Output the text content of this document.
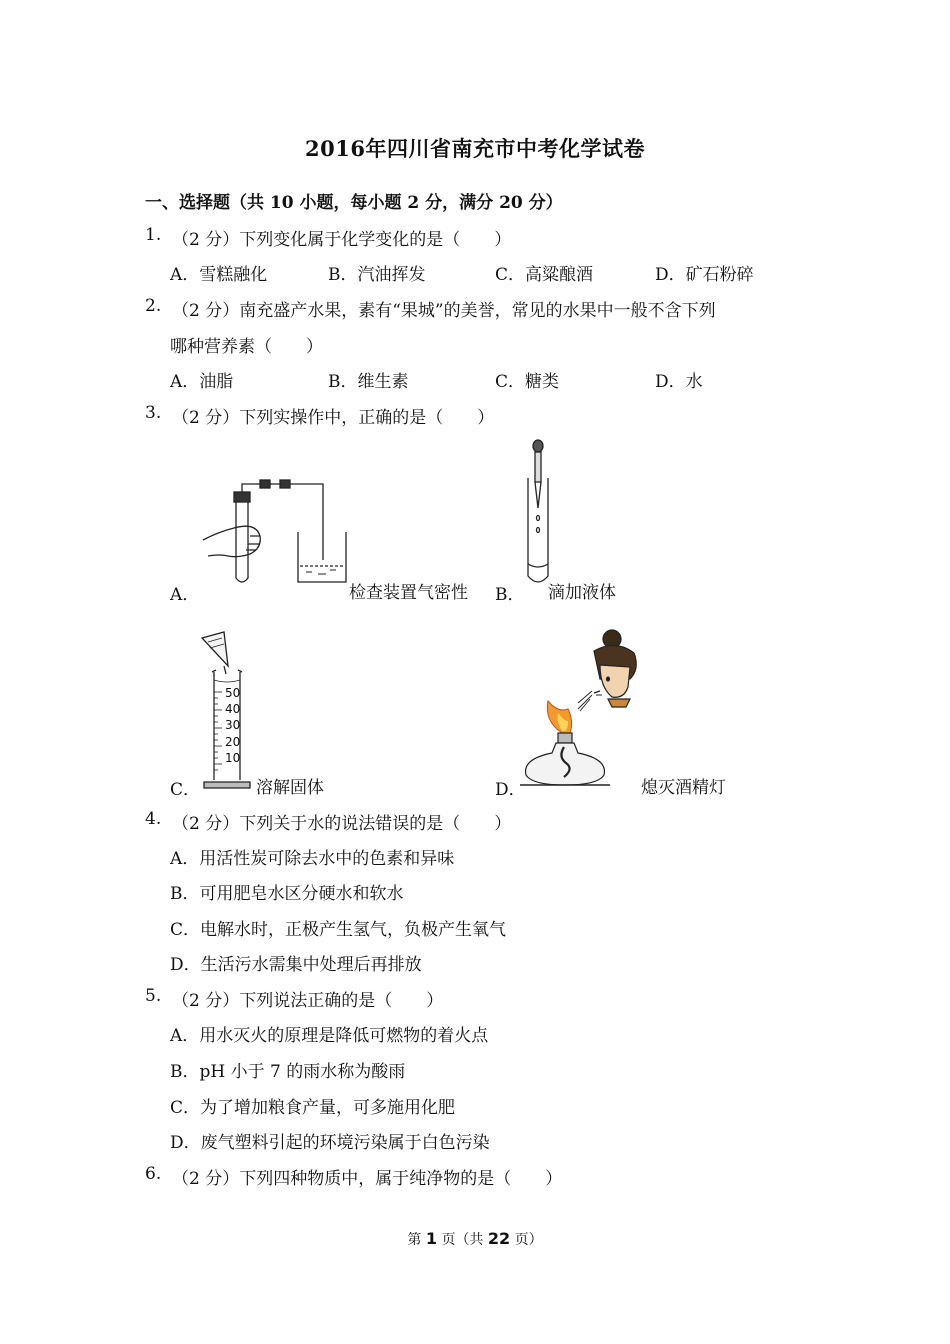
2016年四川省南充市中考化学试卷
一、选择题（共 10 小题，每小题 2 分，满分 20 分）
1. （2 分）下列变化属于化学变化的是（　　）
A．雪糕融化	B．汽油挥发	C．高粱酿酒	D．矿石粉碎
2. （2 分）南充盛产水果，素有“果城”的美誉，常见的水果中一般不含下列
哪种营养素（　　）
A．油脂	B．维生素	C．糖类	D．水
3. （2 分）下列实操作中，正确的是（　　）
A．	检查装置气密性 B． 滴加液体
50
40
30
20
10
C．	溶解固体	D．	熄灭酒精灯
4. （2 分）下列关于水的说法错误的是（　　）
A．用活性炭可除去水中的色素和异味
B．可用肥皂水区分硬水和软水
C．电解水时，正极产生氢气，负极产生氧气
D．生活污水需集中处理后再排放
5. （2 分）下列说法正确的是（　　）
A．用水灭火的原理是降低可燃物的着火点
B．pH 小于 7 的雨水称为酸雨
C．为了增加粮食产量，可多施用化肥
D．废气塑料引起的环境污染属于白色污染
6. （2 分）下列四种物质中，属于纯净物的是（　　）
第 1 页（共 22 页）
